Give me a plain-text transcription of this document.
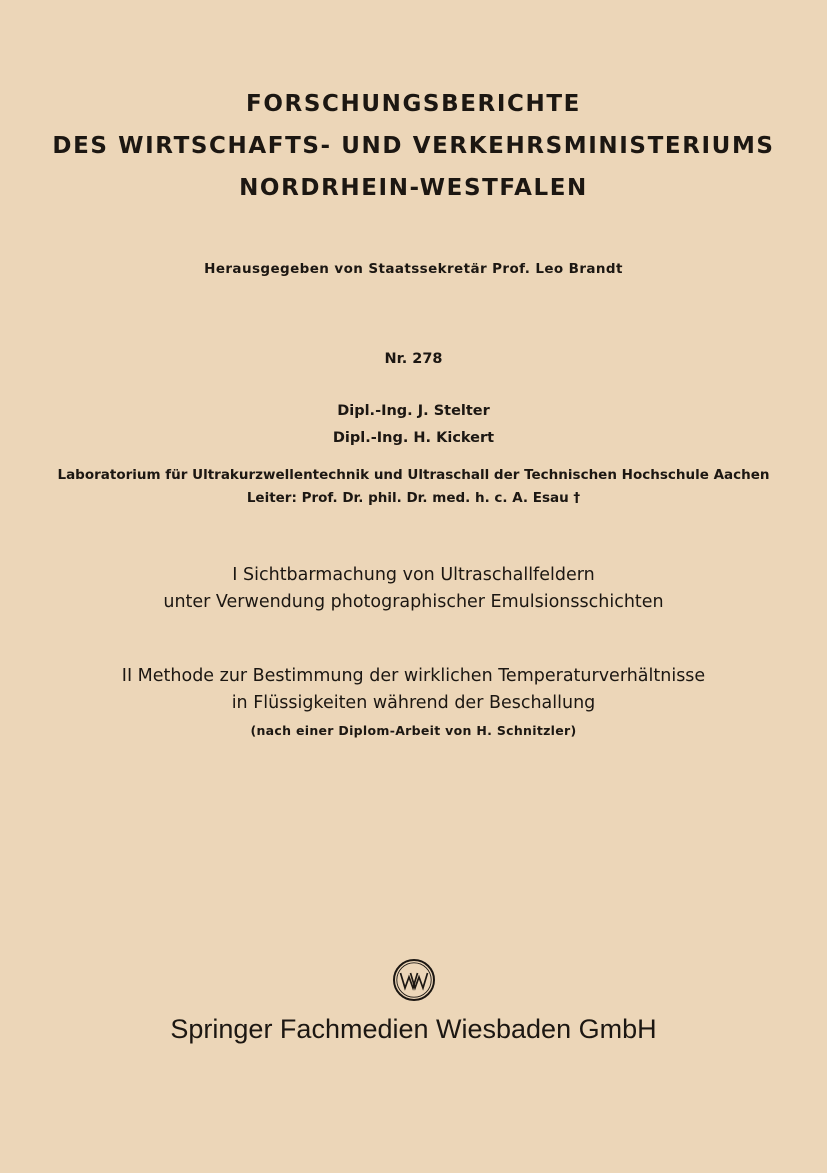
FORSCHUNGSBERICHTE
DES WIRTSCHAFTS- UND VERKEHRSMINISTERIUMS
NORDRHEIN-WESTFALEN
Herausgegeben von Staatssekretär Prof. Leo Brandt
Nr. 278
Dipl.-Ing. J. Stelter
Dipl.-Ing. H. Kickert
Laboratorium für Ultrakurzwellentechnik und Ultraschall der Technischen Hochschule Aachen
Leiter: Prof. Dr. phil. Dr. med. h. c. A. Esau †
I Sichtbarmachung von Ultraschallfeldern
unter Verwendung photographischer Emulsionsschichten
II Methode zur Bestimmung der wirklichen Temperaturverhältnisse
in Flüssigkeiten während der Beschallung
(nach einer Diplom-Arbeit von H. Schnitzler)
Springer Fachmedien Wiesbaden GmbH
